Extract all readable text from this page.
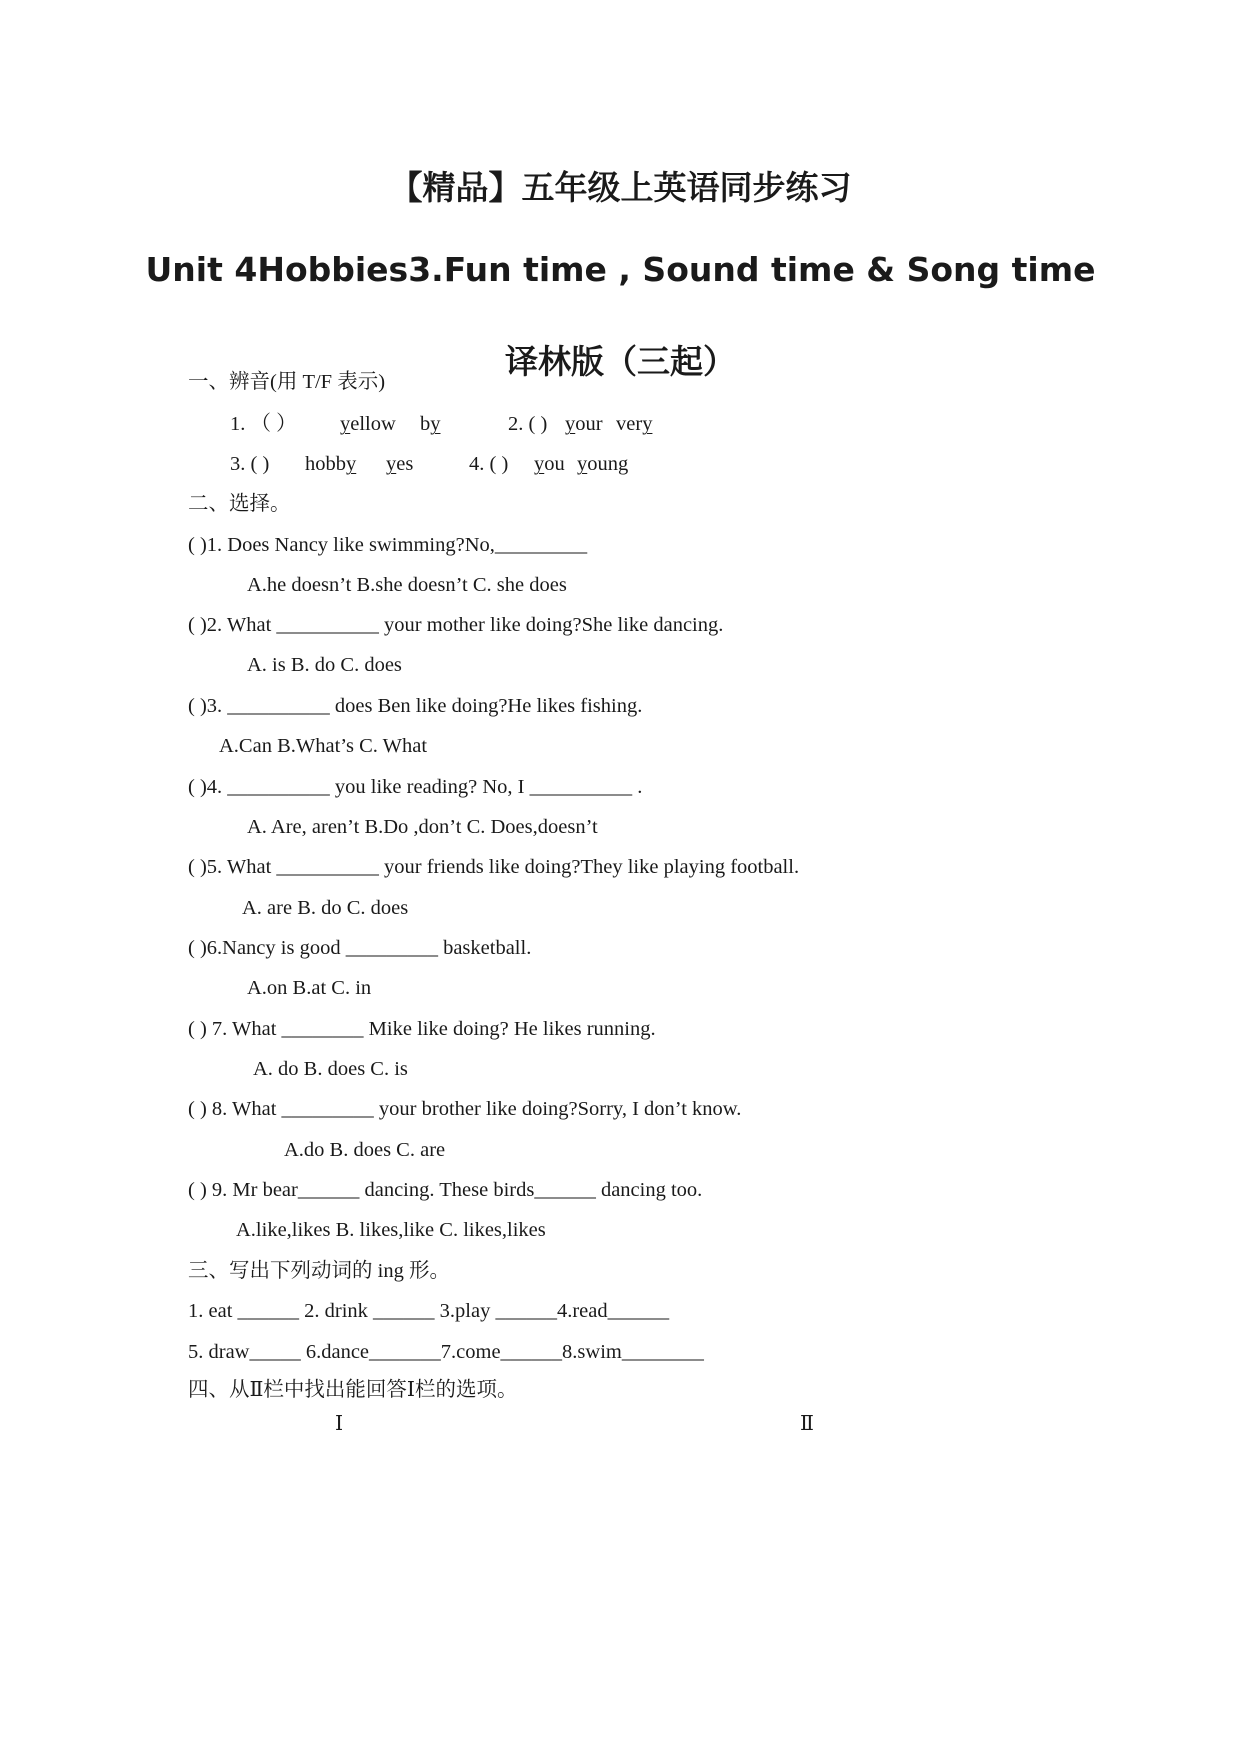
【精品】五年级上英语同步练习
Unit 4Hobbies3.Fun time , Sound time & Song time
译林版（三起）
一、辨音(用 T/F 表示)
1. （ ） yellow by	2. ( ) your very
3. ( ) hobby yes	4. ( ) you young
二、选择。
( )1. Does Nancy like swimming?No,_________
A.he doesn’t B.she doesn’t C. she does
( )2. What __________ your mother like doing?She like dancing.
A. is B. do C. does
( )3. __________ does Ben like doing?He likes fishing.
A.Can B.What’s C. What
( )4. __________ you like reading? No, I __________ .
A. Are, aren’t B.Do ,don’t C. Does,doesn’t
( )5. What __________ your friends like doing?They like playing football.
A. are B. do C. does
( )6.Nancy is good _________ basketball.
A.on B.at C. in
( ) 7. What ________ Mike like doing? He likes running.
A. do B. does C. is
( ) 8. What _________ your brother like doing?Sorry, I don’t know.
A.do B. does C. are
( ) 9. Mr bear______ dancing. These birds______ dancing too.
A.like,likes B. likes,like C. likes,likes
三、写出下列动词的 ing 形。
1. eat ______ 2. drink ______ 3.play ______4.read______
5. draw_____ 6.dance_______7.come______8.swim________
四、从Ⅱ栏中找出能回答Ⅰ栏的选项。
Ⅰ	Ⅱ
